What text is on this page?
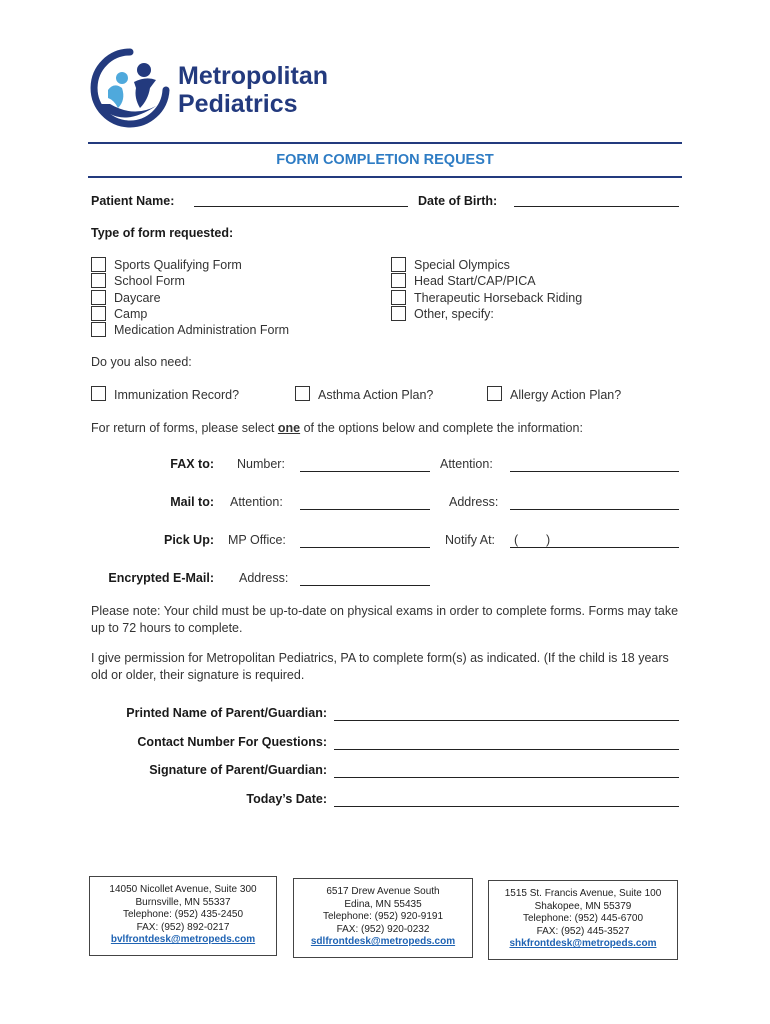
Metropolitan
Pediatrics
FORM COMPLETION REQUEST
Patient Name:	Date of Birth:
Type of form requested:
Sports Qualifying Form
School Form
Daycare
Camp
Medication Administration Form
Special Olympics
Head Start/CAP/PICA
Therapeutic Horseback Riding
Other, specify:
Do you also need:
Immunization Record?	Asthma Action Plan?	Allergy Action Plan?
For return of forms, please select one of the options below and complete the information:
FAX to: Number:	Attention:
Mail to: Attention:	Address:
Pick Up: MP Office:	Notify At: (        )
Encrypted E-Mail: Address:
Please note: Your child must be up-to-date on physical exams in order to complete forms. Forms may take up to 72 hours to complete.
I give permission for Metropolitan Pediatrics, PA to complete form(s) as indicated. (If the child is 18 years old or older, their signature is required.
Printed Name of Parent/Guardian:
Contact Number For Questions:
Signature of Parent/Guardian:
Today’s Date:
14050 Nicollet Avenue, Suite 300
Burnsville, MN 55337
Telephone: (952) 435-2450
FAX: (952) 892-0217
bvlfrontdesk@metropeds.com
6517 Drew Avenue South
Edina, MN 55435
Telephone: (952) 920-9191
FAX: (952) 920-0232
sdlfrontdesk@metropeds.com
1515 St. Francis Avenue, Suite 100
Shakopee, MN 55379
Telephone: (952) 445-6700
FAX: (952) 445-3527
shkfrontdesk@metropeds.com
